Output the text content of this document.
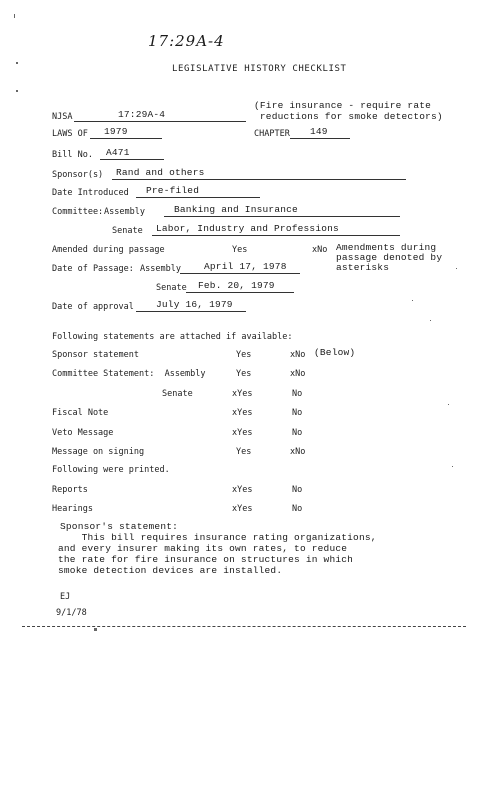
17:29A-4
LEGISLATIVE HISTORY CHECKLIST
NJSA	17:29A-4
(Fire insurance - require rate
reductions for smoke detectors)
LAWS OF 1979	CHAPTER 149
Bill No. A471
Sponsor(s) Rand and others
Date Introduced Pre-filed
Committee: Assembly	Banking and Insurance
Senate Labor, Industry and Professions
Amended during passage	Yes	xNo Amendments during
passage denoted by
asterisks
Date of Passage: Assembly April 17, 1978
Senate Feb. 20, 1979
Date of approval July 16, 1979
Following statements are attached if available:
Sponsor statement	Yes	xNo (Below)
Committee Statement:  Assembly	Yes	xNo
Senate	xYes	No
Fiscal Note	xYes	No
Veto Message	xYes	No
Message on signing	Yes	xNo
Following were printed.
Reports	xYes	No
Hearings	xYes	No
Sponsor's statement:
This bill requires insurance rating organizations,
and every insurer making its own rates, to reduce
the rate for fire insurance on structures in which
smoke detection devices are installed.
EJ
9/1/78
